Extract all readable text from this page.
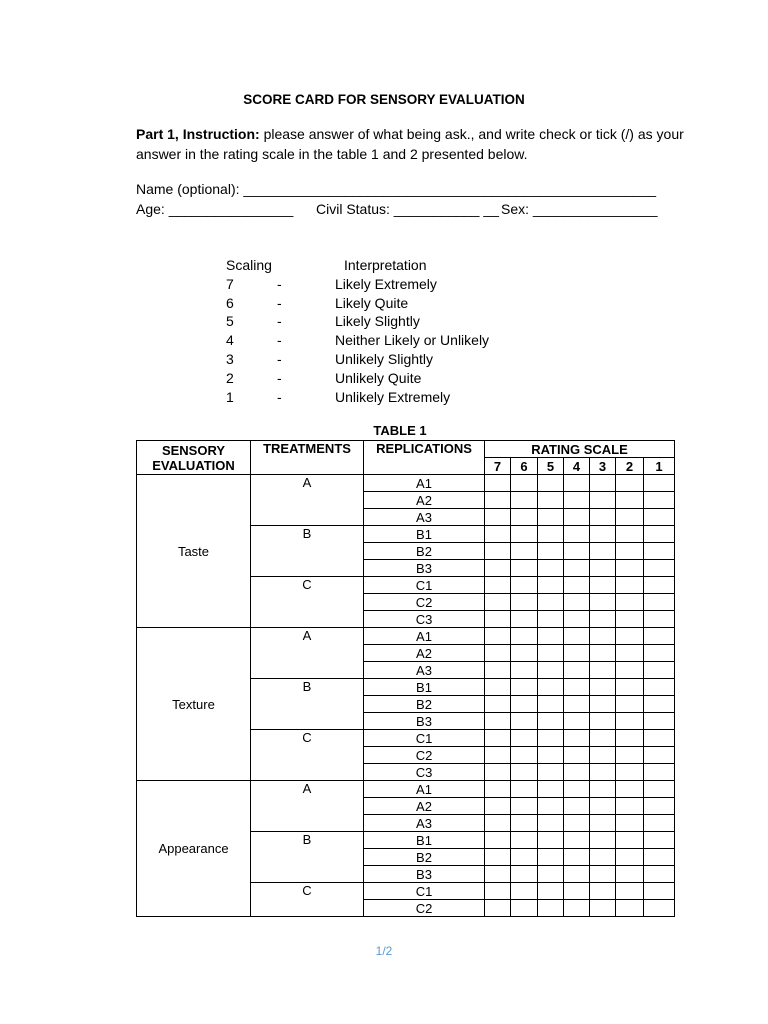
SCORE CARD FOR SENSORY EVALUATION
Part 1, Instruction: please answer of what being ask., and write check or tick (/) as your answer in the rating scale in the table 1 and 2 presented below.
Name (optional): _____________________________________________________
Age: ________________ Civil Status: ___________ __ Sex: ________________
Scaling	Interpretation
7	-	Likely Extremely
6	-	Likely Quite
5	-	Likely Slightly
4	-	Neither Likely or Unlikely
3	-	Unlikely Slightly
2	-	Unlikely Quite
1	-	Unlikely Extremely
TABLE 1
SENSORY EVALUATION	TREATMENTS	REPLICATIONS	RATING SCALE						
			7	6	5	4	3	2	1
Taste	A	A1							
		A2							
		A3							
	B	B1							
		B2							
		B3							
	C	C1							
		C2							
		C3							
Texture	A	A1							
		A2							
		A3							
	B	B1							
		B2							
		B3							
	C	C1							
		C2							
		C3							
Appearance	A	A1							
		A2							
		A3							
	B	B1							
		B2							
		B3							
	C	C1							
		C2							
1/2
